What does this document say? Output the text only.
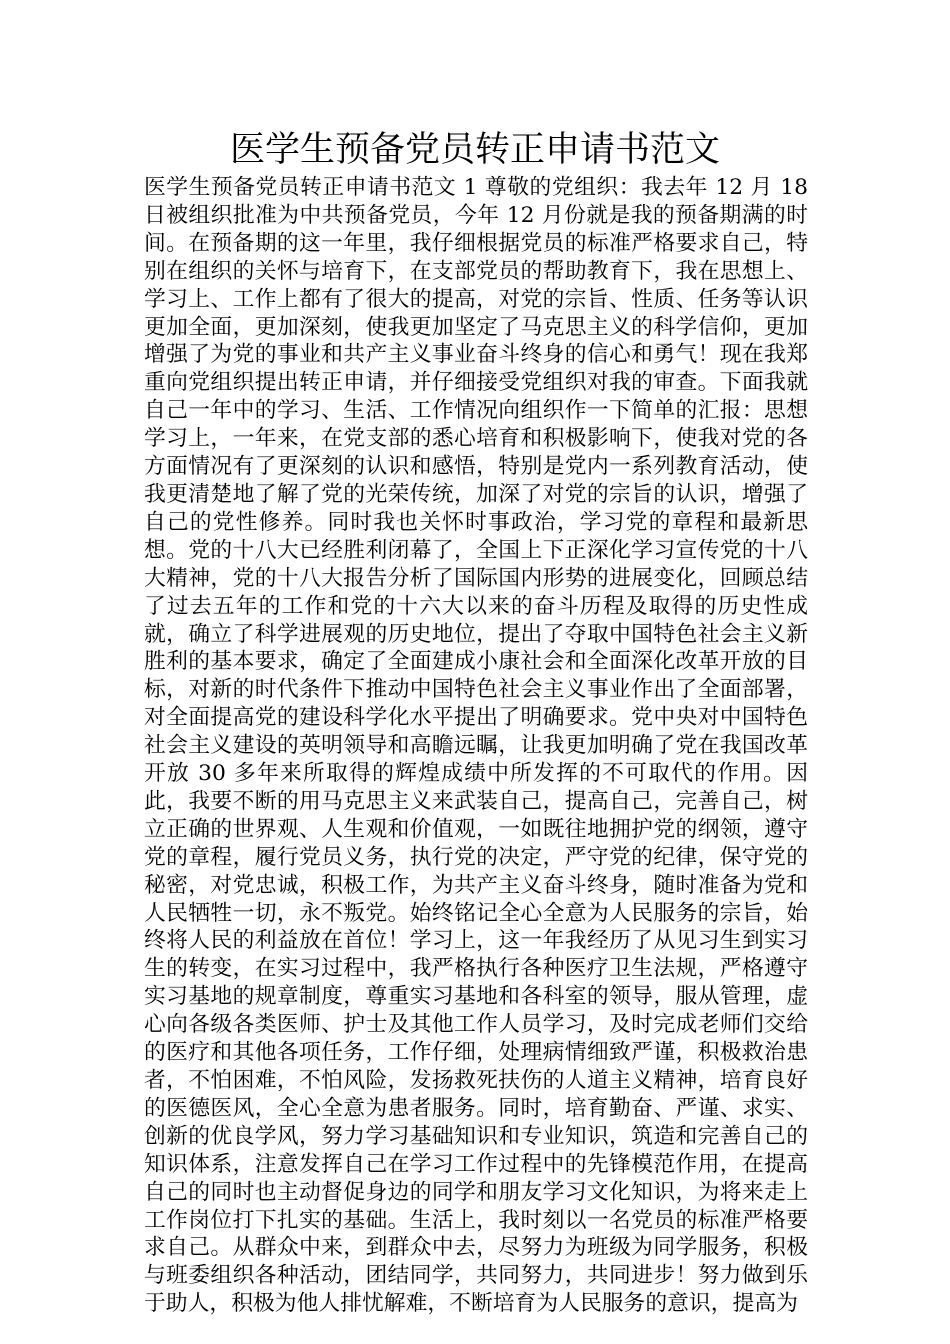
医学生预备党员转正申请书范文

医学生预备党员转正申请书范文 1 尊敬的党组织：我去年 12 月 18 日被组织批准为中共预备党员，今年 12 月份就是我的预备期满的时间。在预备期的这一年里，我仔细根据党员的标准严格要求自己，特别在组织的关怀与培育下，在支部党员的帮助教育下，我在思想上、学习上、工作上都有了很大的提高，对党的宗旨、性质、任务等认识更加全面，更加深刻，使我更加坚定了马克思主义的科学信仰，更加增强了为党的事业和共产主义事业奋斗终身的信心和勇气！现在我郑重向党组织提出转正申请，并仔细接受党组织对我的审查。下面我就自己一年中的学习、生活、工作情况向组织作一下简单的汇报：思想学习上，一年来，在党支部的悉心培育和积极影响下，使我对党的各方面情况有了更深刻的认识和感悟，特别是党内一系列教育活动，使我更清楚地了解了党的光荣传统，加深了对党的宗旨的认识，增强了自己的党性修养。同时我也关怀时事政治，学习党的章程和最新思想。党的十八大已经胜利闭幕了，全国上下正深化学习宣传党的十八大精神，党的十八大报告分析了国际国内形势的进展变化，回顾总结了过去五年的工作和党的十六大以来的奋斗历程及取得的历史性成就，确立了科学进展观的历史地位，提出了夺取中国特色社会主义新胜利的基本要求，确定了全面建成小康社会和全面深化改革开放的目标，对新的时代条件下推动中国特色社会主义事业作出了全面部署，对全面提高党的建设科学化水平提出了明确要求。党中央对中国特色社会主义建设的英明领导和高瞻远瞩，让我更加明确了党在我国改革开放 30 多年来所取得的辉煌成绩中所发挥的不可取代的作用。因此，我要不断的用马克思主义来武装自己，提高自己，完善自己，树立正确的世界观、人生观和价值观，一如既往地拥护党的纲领，遵守党的章程，履行党员义务，执行党的决定，严守党的纪律，保守党的秘密，对党忠诚，积极工作，为共产主义奋斗终身，随时准备为党和人民牺牲一切，永不叛党。始终铭记全心全意为人民服务的宗旨，始终将人民的利益放在首位！学习上，这一年我经历了从见习生到实习生的转变，在实习过程中，我严格执行各种医疗卫生法规，严格遵守实习基地的规章制度，尊重实习基地和各科室的领导，服从管理，虚心向各级各类医师、护士及其他工作人员学习，及时完成老师们交给的医疗和其他各项任务，工作仔细，处理病情细致严谨，积极救治患者，不怕困难，不怕风险，发扬救死扶伤的人道主义精神，培育良好的医德医风，全心全意为患者服务。同时，培育勤奋、严谨、求实、创新的优良学风，努力学习基础知识和专业知识，筑造和完善自己的知识体系，注意发挥自己在学习工作过程中的先锋模范作用，在提高自己的同时也主动督促身边的同学和朋友学习文化知识，为将来走上工作岗位打下扎实的基础。生活上，我时刻以一名党员的标准严格要求自己。从群众中来，到群众中去，尽努力为班级为同学服务，积极与班委组织各种活动，团结同学，共同努力，共同进步！努力做到乐于助人，积极为他人排忧解难，不断培育为人民服务的意识，提高为
